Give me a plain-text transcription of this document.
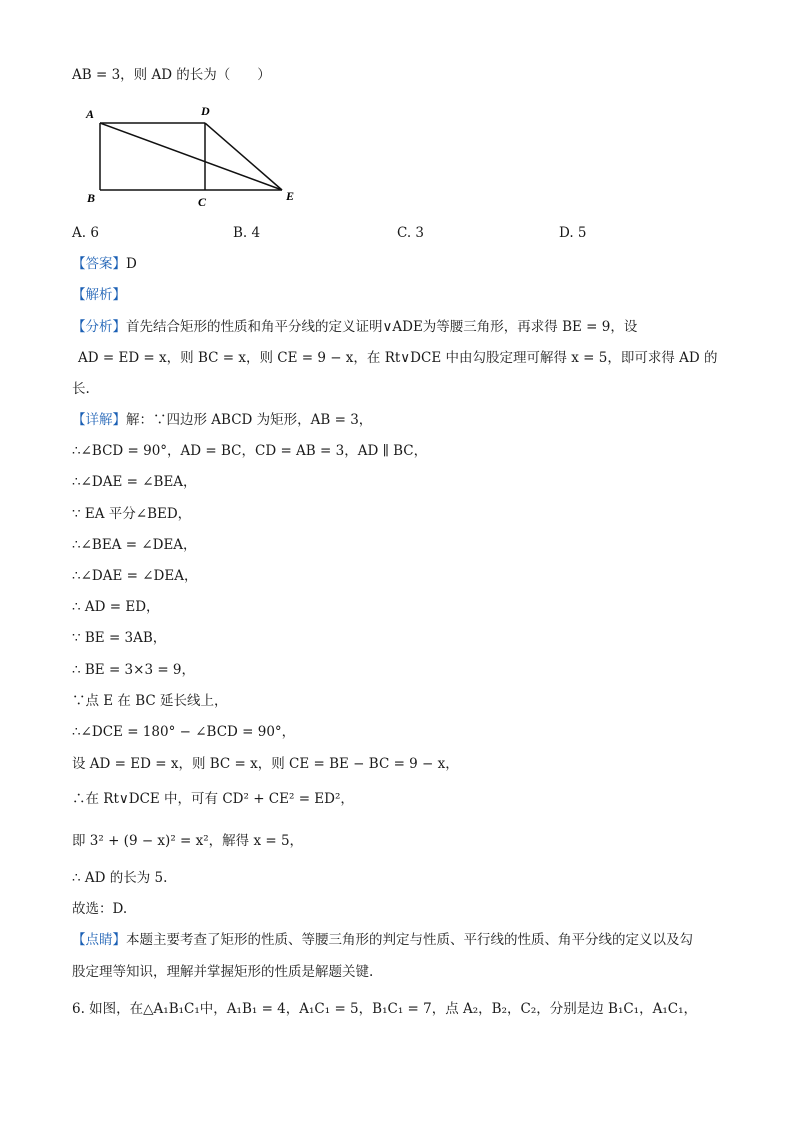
AB = 3，则 AD 的长为（　　）
A	D
B	C	E
A. 6	B. 4	C. 3	D. 5
【答案】D
【解析】
【分析】首先结合矩形的性质和角平分线的定义证明∨ADE为等腰三角形，再求得 BE = 9，设
AD = ED = x，则 BC = x，则 CE = 9 − x，在 Rt∨DCE 中由勾股定理可解得 x = 5，即可求得 AD 的
长.
【详解】解：∵四边形 ABCD 为矩形，AB = 3，
∴∠BCD = 90°，AD = BC，CD = AB = 3，AD ∥ BC，
∴∠DAE = ∠BEA，
∵ EA 平分∠BED，
∴∠BEA = ∠DEA，
∴∠DAE = ∠DEA，
∴ AD = ED，
∵ BE = 3AB，
∴ BE = 3×3 = 9，
∵点 E 在 BC 延长线上，
∴∠DCE = 180° − ∠BCD = 90°，
设 AD = ED = x，则 BC = x，则 CE = BE − BC = 9 − x，
∴在 Rt∨DCE 中，可有 CD² + CE² = ED²，
即 3² + (9 − x)² = x²，解得 x = 5，
∴ AD 的长为 5.
故选：D.
【点睛】本题主要考查了矩形的性质、等腰三角形的判定与性质、平行线的性质、角平分线的定义以及勾
股定理等知识，理解并掌握矩形的性质是解题关键.
6. 如图，在△A₁B₁C₁中，A₁B₁ = 4，A₁C₁ = 5，B₁C₁ = 7，点 A₂，B₂，C₂，分别是边 B₁C₁，A₁C₁，
